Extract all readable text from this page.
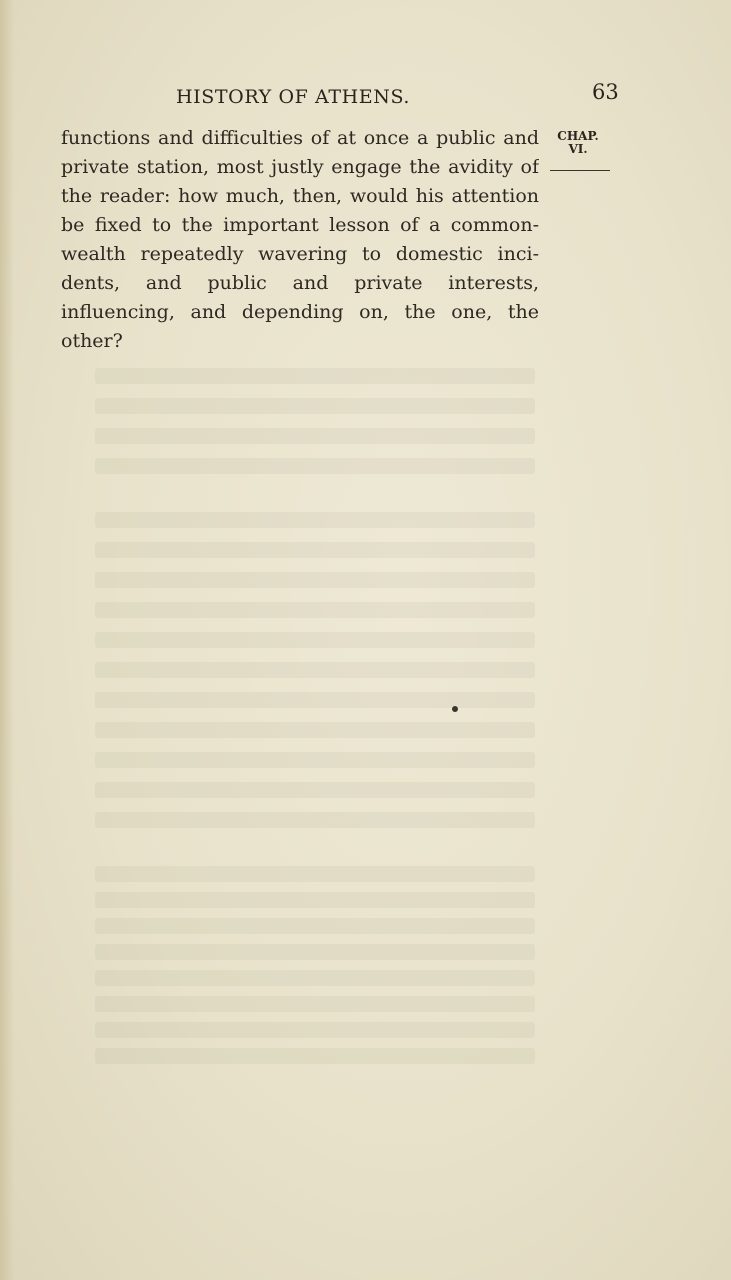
HISTORY OF ATHENS.	63
CHAP.
VI.
functions and difficulties of at once a public and
private station, most justly engage the avidity of
the reader: how much, then, would his attention
be fixed to the important lesson of a common-
wealth repeatedly wavering to domestic inci-
dents, and public and private interests,
influencing, and depending on, the one, the
other?
